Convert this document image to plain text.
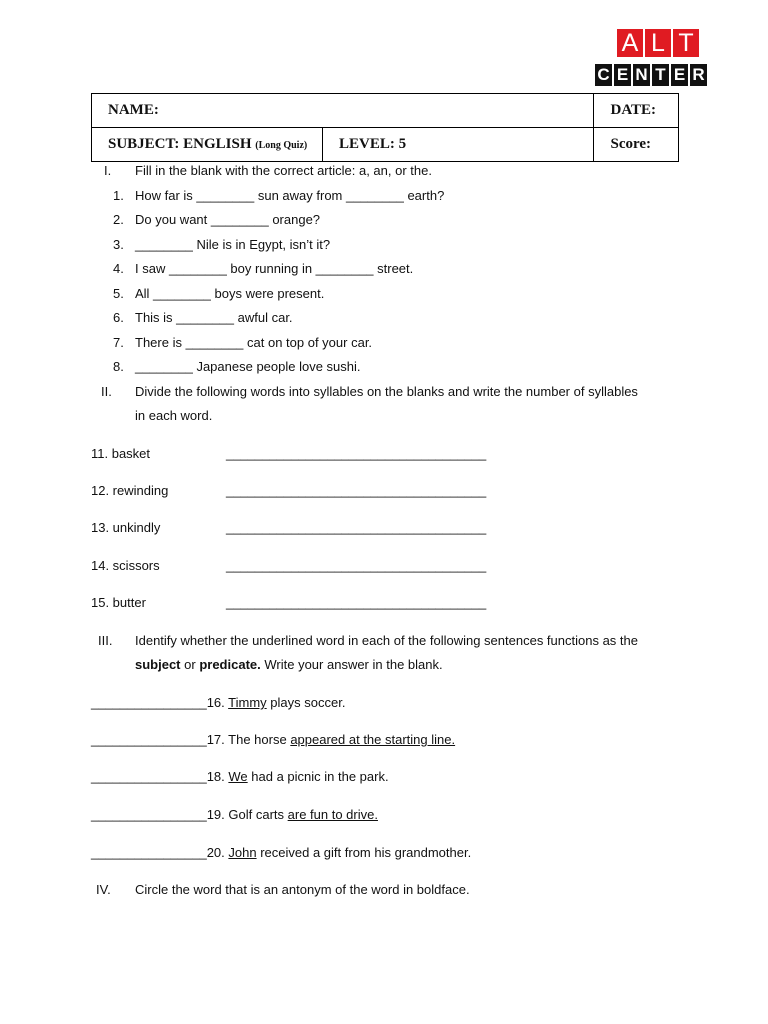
A L T
C E N T E R
NAME:		DATE:
SUBJECT: ENGLISH (Long Quiz)	LEVEL: 5	Score:
I. Fill in the blank with the correct article: a, an, or the.
1. How far is ________ sun away from ________ earth?
2. Do you want ________ orange?
3. ________ Nile is in Egypt, isn’t it?
4. I saw ________ boy running in ________ street.
5. All ________ boys were present.
6. This is ________ awful car.
7. There is ________ cat on top of your car.
8. ________ Japanese people love sushi.
II. Divide the following words into syllables on the blanks and write the number of syllables
in each word.
11. basket	____________________________________
12. rewinding	____________________________________
13. unkindly	____________________________________
14. scissors	____________________________________
15. butter	____________________________________
III. Identify whether the underlined word in each of the following sentences functions as the
subject or predicate. Write your answer in the blank.
________________16. Timmy plays soccer.
________________17. The horse appeared at the starting line.
________________18. We had a picnic in the park.
________________19. Golf carts are fun to drive.
________________20. John received a gift from his grandmother.
IV. Circle the word that is an antonym of the word in boldface.
